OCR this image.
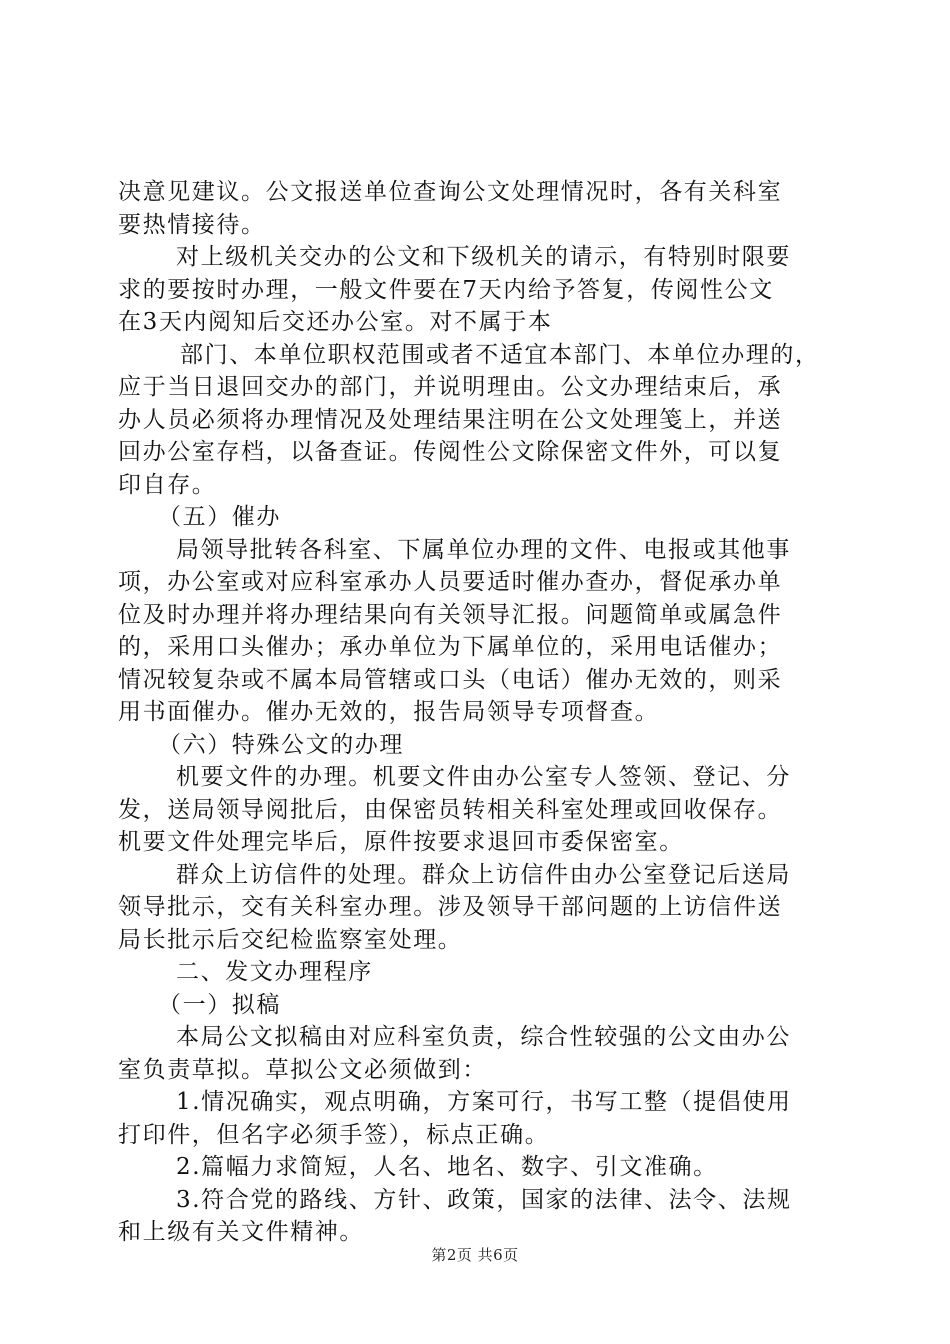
决意见建议。公文报送单位查询公文处理情况时，各有关科室
要热情接待。
对上级机关交办的公文和下级机关的请示，有特别时限要
求的要按时办理，一般文件要在7天内给予答复，传阅性公文
在3天内阅知后交还办公室。对不属于本
部门、本单位职权范围或者不适宜本部门、本单位办理的，
应于当日退回交办的部门，并说明理由。公文办理结束后，承
办人员必须将办理情况及处理结果注明在公文处理笺上，并送
回办公室存档，以备查证。传阅性公文除保密文件外，可以复
印自存。
（五）催办
局领导批转各科室、下属单位办理的文件、电报或其他事
项，办公室或对应科室承办人员要适时催办查办，督促承办单
位及时办理并将办理结果向有关领导汇报。问题简单或属急件
的，采用口头催办；承办单位为下属单位的，采用电话催办；
情况较复杂或不属本局管辖或口头（电话）催办无效的，则采
用书面催办。催办无效的，报告局领导专项督查。
（六）特殊公文的办理
机要文件的办理。机要文件由办公室专人签领、登记、分
发，送局领导阅批后，由保密员转相关科室处理或回收保存。
机要文件处理完毕后，原件按要求退回市委保密室。
群众上访信件的处理。群众上访信件由办公室登记后送局
领导批示，交有关科室办理。涉及领导干部问题的上访信件送
局长批示后交纪检监察室处理。
二、发文办理程序
（一）拟稿
本局公文拟稿由对应科室负责，综合性较强的公文由办公
室负责草拟。草拟公文必须做到：
1.情况确实，观点明确，方案可行，书写工整（提倡使用
打印件，但名字必须手签），标点正确。
2.篇幅力求简短，人名、地名、数字、引文准确。
3.符合党的路线、方针、政策，国家的法律、法令、法规
和上级有关文件精神。
第2页 共6页
